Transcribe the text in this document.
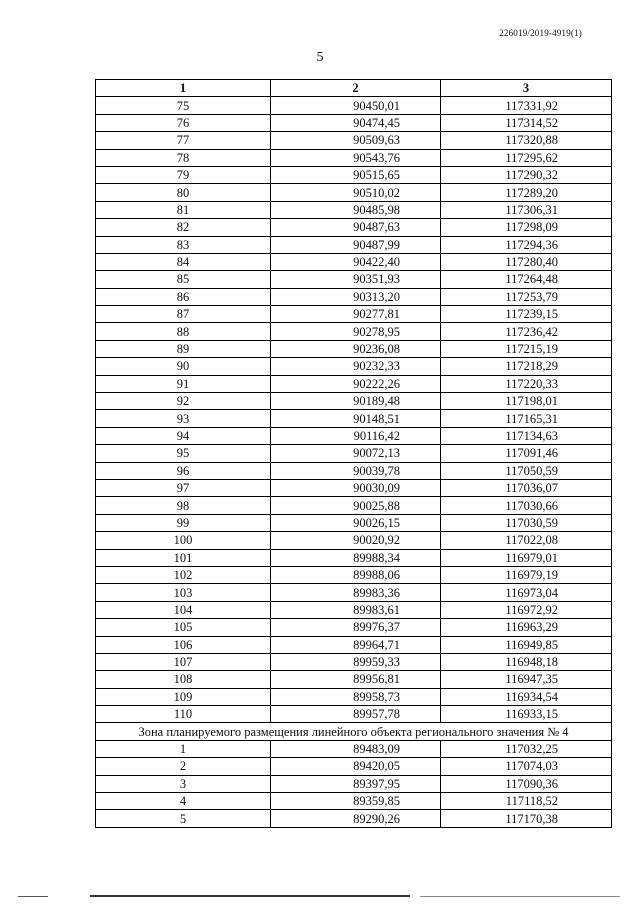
226019/2019-4919(1)
5
1	2	3
75	90450,01	117331,92
76	90474,45	117314,52
77	90509,63	117320,88
78	90543,76	117295,62
79	90515,65	117290,32
80	90510,02	117289,20
81	90485,98	117306,31
82	90487,63	117298,09
83	90487,99	117294,36
84	90422,40	117280,40
85	90351,93	117264,48
86	90313,20	117253,79
87	90277,81	117239,15
88	90278,95	117236,42
89	90236,08	117215,19
90	90232,33	117218,29
91	90222,26	117220,33
92	90189,48	117198,01
93	90148,51	117165,31
94	90116,42	117134,63
95	90072,13	117091,46
96	90039,78	117050,59
97	90030,09	117036,07
98	90025,88	117030,66
99	90026,15	117030,59
100	90020,92	117022,08
101	89988,34	116979,01
102	89988,06	116979,19
103	89983,36	116973,04
104	89983,61	116972,92
105	89976,37	116963,29
106	89964,71	116949,85
107	89959,33	116948,18
108	89956,81	116947,35
109	89958,73	116934,54
110	89957,78	116933,15
Зона планируемого размещения линейного объекта регионального значения № 4		
1	89483,09	117032,25
2	89420,05	117074,03
3	89397,95	117090,36
4	89359,85	117118,52
5	89290,26	117170,38
